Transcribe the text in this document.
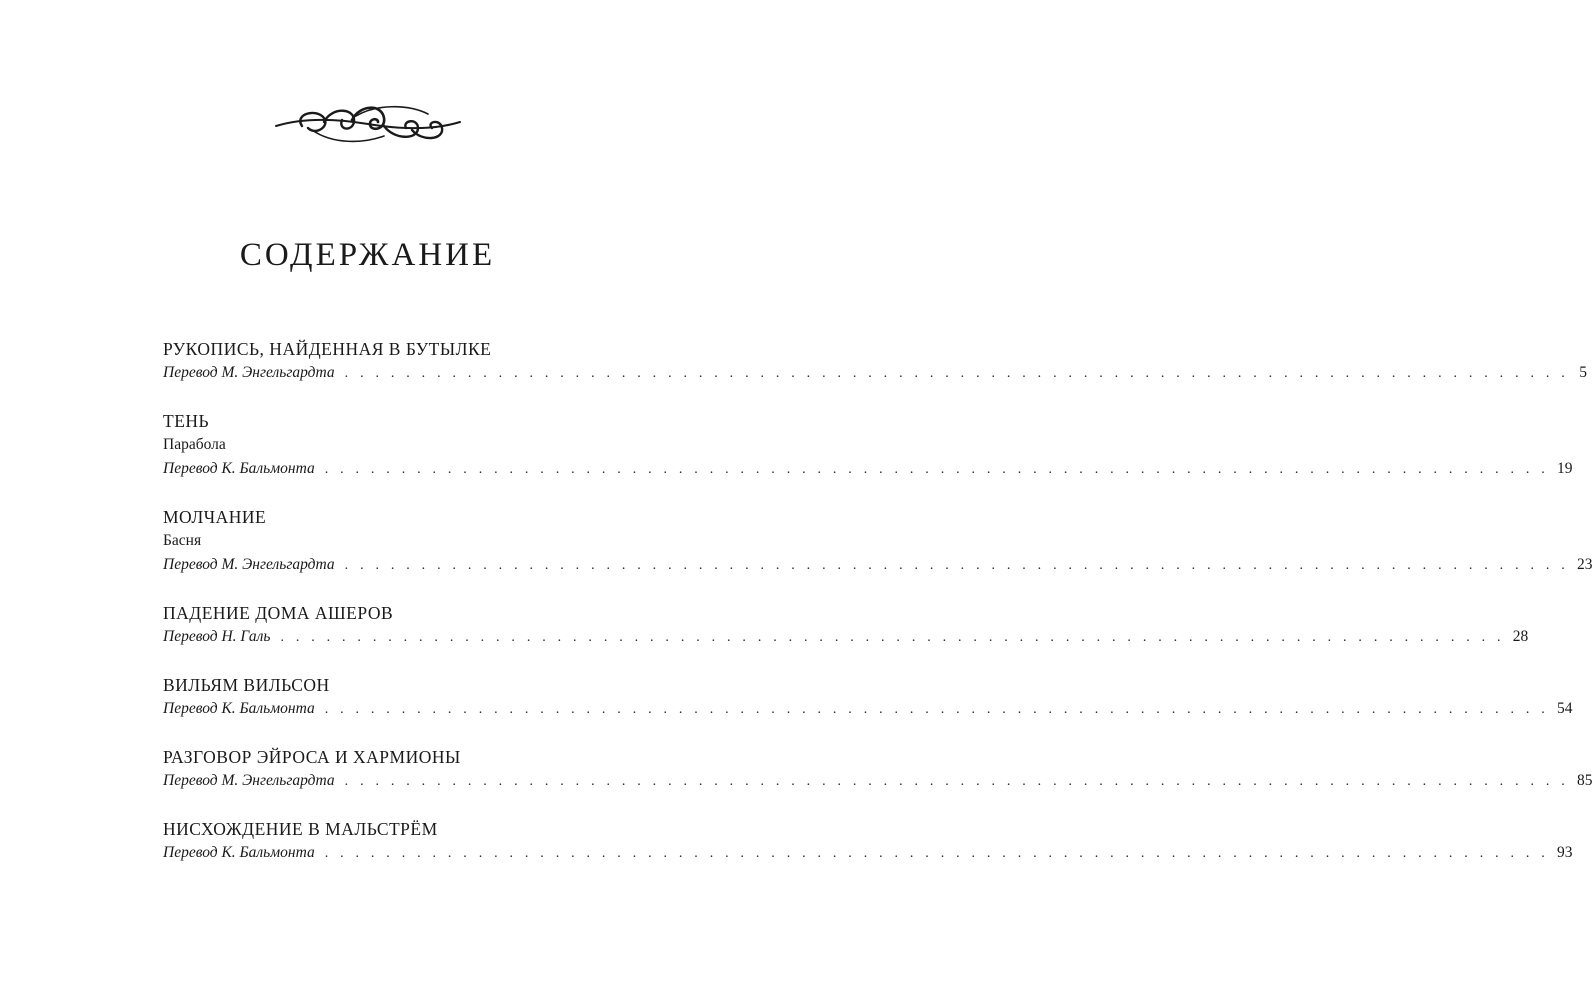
СОДЕРЖАНИЕ
РУКОПИСЬ, НАЙДЕННАЯ В БУТЫЛКЕ
Перевод М. Энгельгардта . . . . . . . . . . . . . . . . . . . . . . . . . . . . . . . . . . . . . . . . . . . . . . . . . . . . . . . . . . . . . . . . . . . . . . . . . . . . . . . . 5
ТЕНЬ
Парабола
Перевод К. Бальмонта . . . . . . . . . . . . . . . . . . . . . . . . . . . . . . . . . . . . . . . . . . . . . . . . . . . . . . . . . . . . . . . . . . . . . . . . . . . . . . . . 19
МОЛЧАНИЕ
Басня
Перевод М. Энгельгардта . . . . . . . . . . . . . . . . . . . . . . . . . . . . . . . . . . . . . . . . . . . . . . . . . . . . . . . . . . . . . . . . . . . . . . . . . . . . . . . . 23
ПАДЕНИЕ ДОМА АШЕРОВ
Перевод Н. Галь . . . . . . . . . . . . . . . . . . . . . . . . . . . . . . . . . . . . . . . . . . . . . . . . . . . . . . . . . . . . . . . . . . . . . . . . . . . . . . . . 28
ВИЛЬЯМ ВИЛЬСОН
Перевод К. Бальмонта . . . . . . . . . . . . . . . . . . . . . . . . . . . . . . . . . . . . . . . . . . . . . . . . . . . . . . . . . . . . . . . . . . . . . . . . . . . . . . . . 54
РАЗГОВОР ЭЙРОСА И ХАРМИОНЫ
Перевод М. Энгельгардта . . . . . . . . . . . . . . . . . . . . . . . . . . . . . . . . . . . . . . . . . . . . . . . . . . . . . . . . . . . . . . . . . . . . . . . . . . . . . . . . 85
НИСХОЖДЕНИЕ В МАЛЬСТРЁМ
Перевод К. Бальмонта . . . . . . . . . . . . . . . . . . . . . . . . . . . . . . . . . . . . . . . . . . . . . . . . . . . . . . . . . . . . . . . . . . . . . . . . . . . . . . . . 93
